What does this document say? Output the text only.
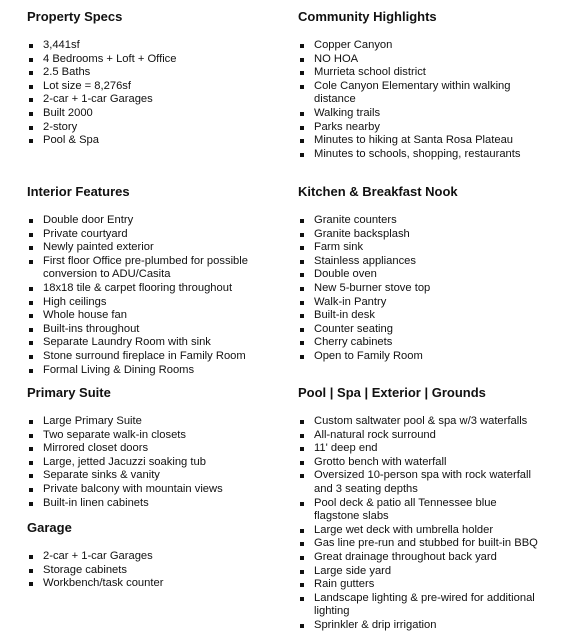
Property Specs
3,441sf
4 Bedrooms + Loft + Office
2.5 Baths
Lot size = 8,276sf
2-car + 1-car Garages
Built 2000
2-story
Pool & Spa
Interior Features
Double door Entry
Private courtyard
Newly painted exterior
First floor Office pre-plumbed for possible conversion to ADU/Casita
18x18 tile & carpet flooring throughout
High ceilings
Whole house fan
Built-ins throughout
Separate Laundry Room with sink
Stone surround fireplace in Family Room
Formal Living & Dining Rooms
Primary Suite
Large Primary Suite
Two separate walk-in closets
Mirrored closet doors
Large, jetted Jacuzzi soaking tub
Separate sinks & vanity
Private balcony with mountain views
Built-in linen cabinets
Garage
2-car + 1-car Garages
Storage cabinets
Workbench/task counter
Community Highlights
Copper Canyon
NO HOA
Murrieta school district
Cole Canyon Elementary within walking distance
Walking trails
Parks nearby
Minutes to hiking at Santa Rosa Plateau
Minutes to schools, shopping, restaurants
Kitchen & Breakfast Nook
Granite counters
Granite backsplash
Farm sink
Stainless appliances
Double oven
New 5-burner stove top
Walk-in Pantry
Built-in desk
Counter seating
Cherry cabinets
Open to Family Room
Pool | Spa | Exterior | Grounds
Custom saltwater pool & spa w/3 waterfalls
All-natural rock surround
11' deep end
Grotto bench with waterfall
Oversized 10-person spa with rock waterfall and 3 seating depths
Pool deck & patio all Tennessee blue flagstone slabs
Large wet deck with umbrella holder
Gas line pre-run and stubbed for built-in BBQ
Great drainage throughout back yard
Large side yard
Rain gutters
Landscape lighting & pre-wired for additional lighting
Sprinkler & drip irrigation
